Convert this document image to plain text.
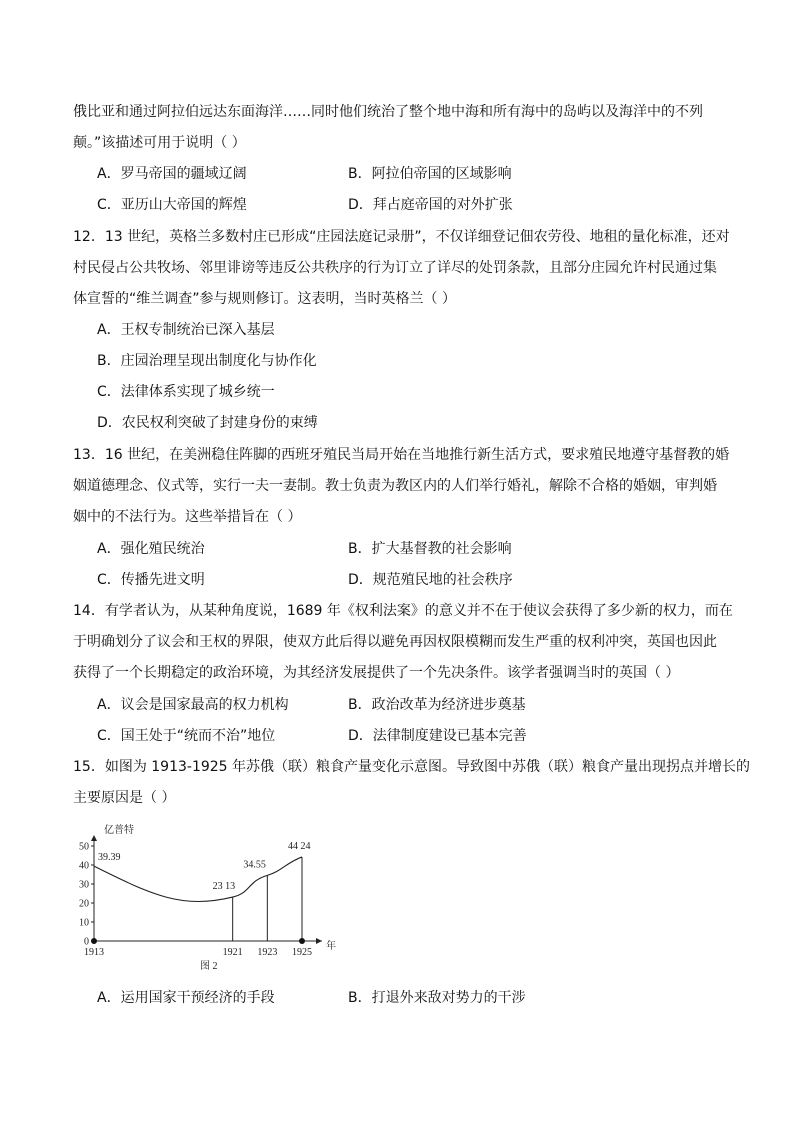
俄比亚和通过阿拉伯远达东面海洋……同时他们统治了整个地中海和所有海中的岛屿以及海洋中的不列
颠。”该描述可用于说明（ ）
A．罗马帝国的疆域辽阔	B．阿拉伯帝国的区域影响
C．亚历山大帝国的辉煌	D．拜占庭帝国的对外扩张
12．13 世纪，英格兰多数村庄已形成“庄园法庭记录册”，不仅详细登记佃农劳役、地租的量化标准，还对
村民侵占公共牧场、邻里诽谤等违反公共秩序的行为订立了详尽的处罚条款，且部分庄园允许村民通过集
体宣誓的“维兰调查”参与规则修订。这表明，当时英格兰（ ）
A．王权专制统治已深入基层
B．庄园治理呈现出制度化与协作化
C．法律体系实现了城乡统一
D．农民权利突破了封建身份的束缚
13．16 世纪，在美洲稳住阵脚的西班牙殖民当局开始在当地推行新生活方式，要求殖民地遵守基督教的婚
姻道德理念、仪式等，实行一夫一妻制。教士负责为教区内的人们举行婚礼，解除不合格的婚姻，审判婚
姻中的不法行为。这些举措旨在（ ）
A．强化殖民统治	B．扩大基督教的社会影响
C．传播先进文明	D．规范殖民地的社会秩序
14．有学者认为，从某种角度说，1689 年《权利法案》的意义并不在于使议会获得了多少新的权力，而在
于明确划分了议会和王权的界限，使双方此后得以避免再因权限模糊而发生严重的权利冲突，英国也因此
获得了一个长期稳定的政治环境，为其经济发展提供了一个先决条件。该学者强调当时的英国（ ）
A．议会是国家最高的权力机构	B．政治改革为经济进步奠基
C．国王处于“统而不治”地位	D．法律制度建设已基本完善
15．如图为 1913-1925 年苏俄（联）粮食产量变化示意图。导致图中苏俄（联）粮食产量出现拐点并增长的
主要原因是（ ）
亿普特
0
10
20
30
40
50
1913	1921 1923 1925
39.39
23 13
34.55
44 24
年
图 2
A．运用国家干预经济的手段	B．打退外来敌对势力的干涉
